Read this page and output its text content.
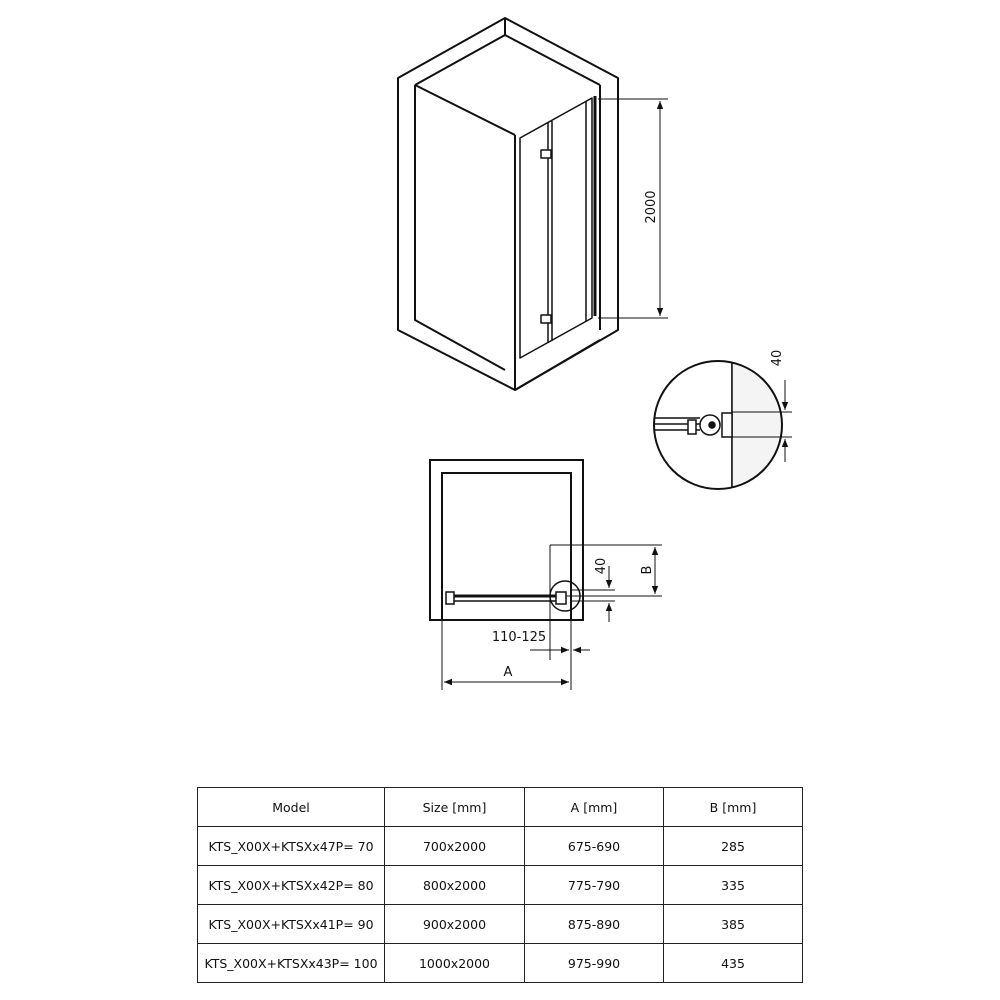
2000
40
B
40
110-125
A
Model	Size [mm]	A [mm]	B [mm]
KTS_X00X+KTSXx47P= 70	700x2000	675-690	285
KTS_X00X+KTSXx42P= 80	800x2000	775-790	335
KTS_X00X+KTSXx41P= 90	900x2000	875-890	385
KTS_X00X+KTSXx43P= 100	1000x2000	975-990	435
